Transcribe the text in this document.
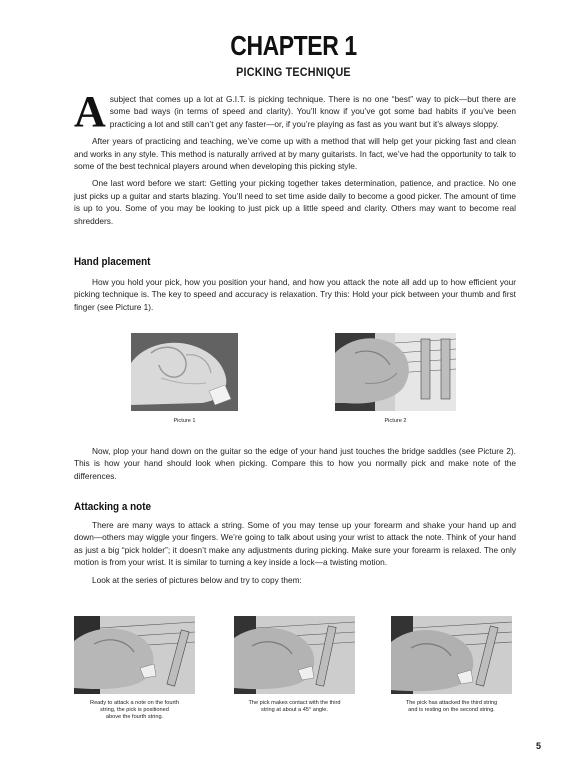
CHAPTER 1
PICKING TECHNIQUE

Asubject that comes up a lot at G.I.T. is picking technique. There is no one “best” way to pick—but there are some bad ways (in terms of speed and clarity). You’ll know if you’ve got some bad habits if you’ve been practicing a lot and still can’t get any faster—or, if you’re playing as fast as you want but it’s always sloppy.

After years of practicing and teaching, we’ve come up with a method that will help get your picking fast and clean and works in any style. This method is naturally arrived at by many guitarists. In fact, we’ve had the opportunity to talk to some of the best technical players around when developing this picking style.

One last word before we start: Getting your picking together takes determination, patience, and practice. No one just picks up a guitar and starts blazing. You’ll need to set time aside daily to become a good picker. The amount of time is up to you. Some of you may be looking to just pick up a little speed and clarity. Others may want to become real shredders.

Hand placement

How you hold your pick, how you position your hand, and how you attack the note all add up to how efficient your picking technique is. The key to speed and accuracy is relaxation. Try this: Hold your pick between your thumb and first finger (see Picture 1).

Picture 1	Picture 2

Now, plop your hand down on the guitar so the edge of your hand just touches the bridge saddles (see Picture 2). This is how your hand should look when picking. Compare this to how you normally pick and make note of the differences.

Attacking a note

There are many ways to attack a string. Some of you may tense up your forearm and shake your hand up and down—others may wiggle your fingers. We’re going to talk about using your wrist to attack the note. Think of your hand as just a big “pick holder”; it doesn’t make any adjustments during picking. Make sure your forearm is relaxed. The only motion is from your wrist. It is similar to turning a key inside a lock—a twisting motion.

Look at the series of pictures below and try to copy them:

Ready to attack a note on the fourth
string, the pick is positioned
above the fourth string.
The pick makes contact with the third
string at about a 45° angle.
The pick has attacked the third string
and is resting on the second string.
5
